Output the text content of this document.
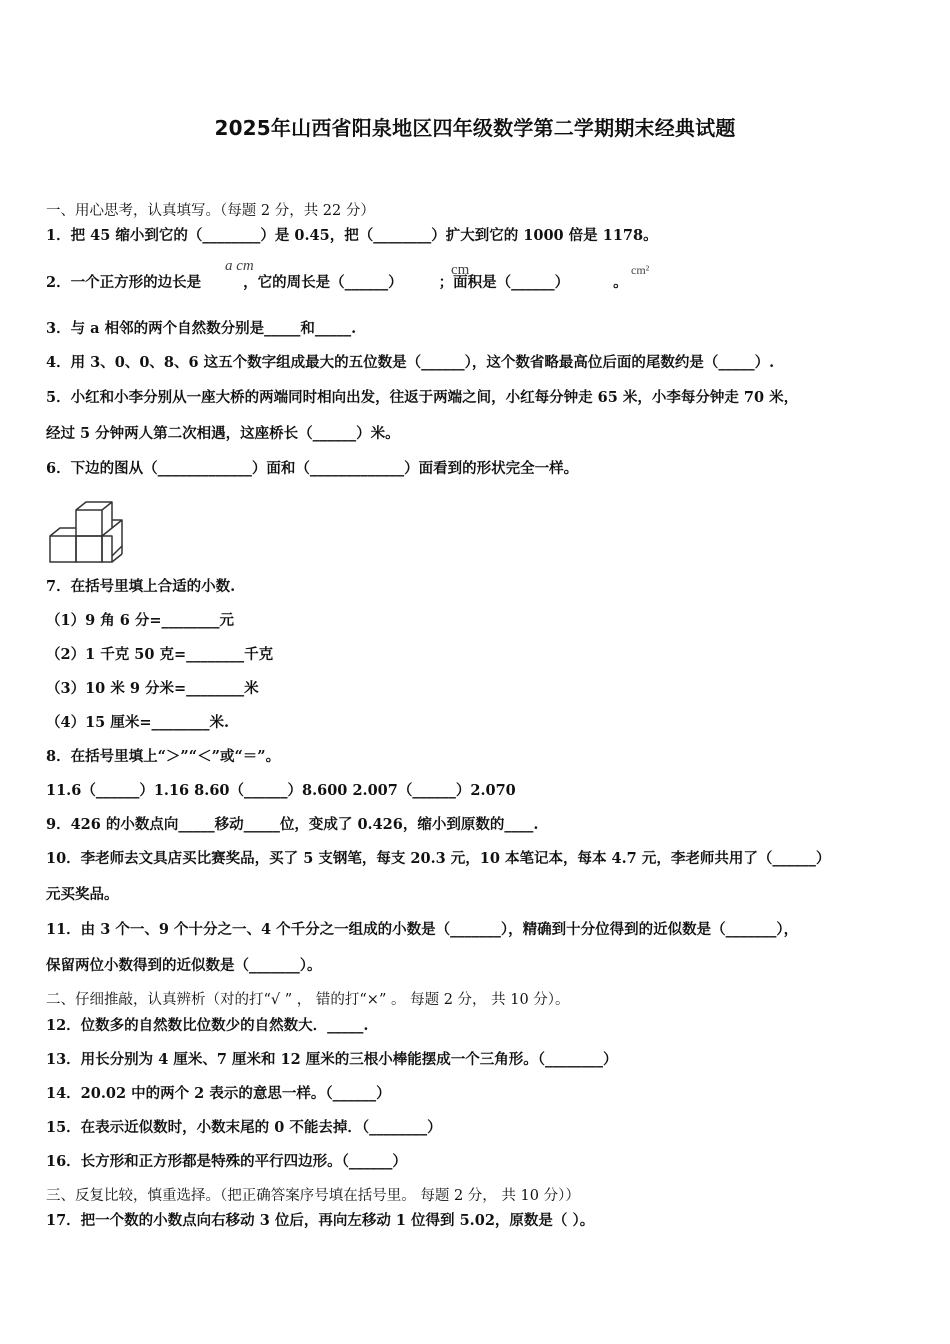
2025年山西省阳泉地区四年级数学第二学期期末经典试题
一、用心思考，认真填写。（每题 2 分，共 22 分）
1．把 45 缩小到它的（________）是 0.45，把（________）扩大到它的 1000 倍是 1178。
2．一个正方形的边长是	，它的周长是（______） ；面积是（______）	。
a cm	cm	cm²
3．与 a 相邻的两个自然数分别是_____和_____.
4．用 3、0、0、8、6 这五个数字组成最大的五位数是（______），这个数省略最高位后面的尾数约是（_____）.
5．小红和小李分别从一座大桥的两端同时相向出发，往返于两端之间，小红每分钟走 65 米，小李每分钟走 70 米，
经过 5 分钟两人第二次相遇，这座桥长（______）米。
6．下边的图从（_____________）面和（_____________）面看到的形状完全一样。
7．在括号里填上合适的小数.
（1）9 角 6 分=________元
（2）1 千克 50 克=________千克
（3）10 米 9 分米=________米
（4）15 厘米=________米.
8．在括号里填上“＞”“＜”或“＝”。
11.6（______）1.16 8.60（______）8.600 2.007（______）2.070
9．426 的小数点向_____移动_____位，变成了 0.426，缩小到原数的____.
10．李老师去文具店买比赛奖品，买了 5 支钢笔，每支 20.3 元，10 本笔记本，每本 4.7 元，李老师共用了（______）
元买奖品。
11．由 3 个一、9 个十分之一、4 个千分之一组成的小数是（_______），精确到十分位得到的近似数是（_______），
保留两位小数得到的近似数是（_______）。
二、仔细推敲，认真辨析（对的打“√ ” ， 错的打“×” 。 每题 2 分， 共 10 分）。
12．位数多的自然数比位数少的自然数大．_____.
13．用长分别为 4 厘米、7 厘米和 12 厘米的三根小棒能摆成一个三角形。（________）
14．20.02 中的两个 2 表示的意思一样。（______）
15．在表示近似数时，小数末尾的 0 不能去掉．（________）
16．长方形和正方形都是特殊的平行四边形。（______）
三、反复比较，慎重选择。（把正确答案序号填在括号里。 每题 2 分， 共 10 分））
17．把一个数的小数点向右移动 3 位后，再向左移动 1 位得到 5.02，原数是（ ）。
